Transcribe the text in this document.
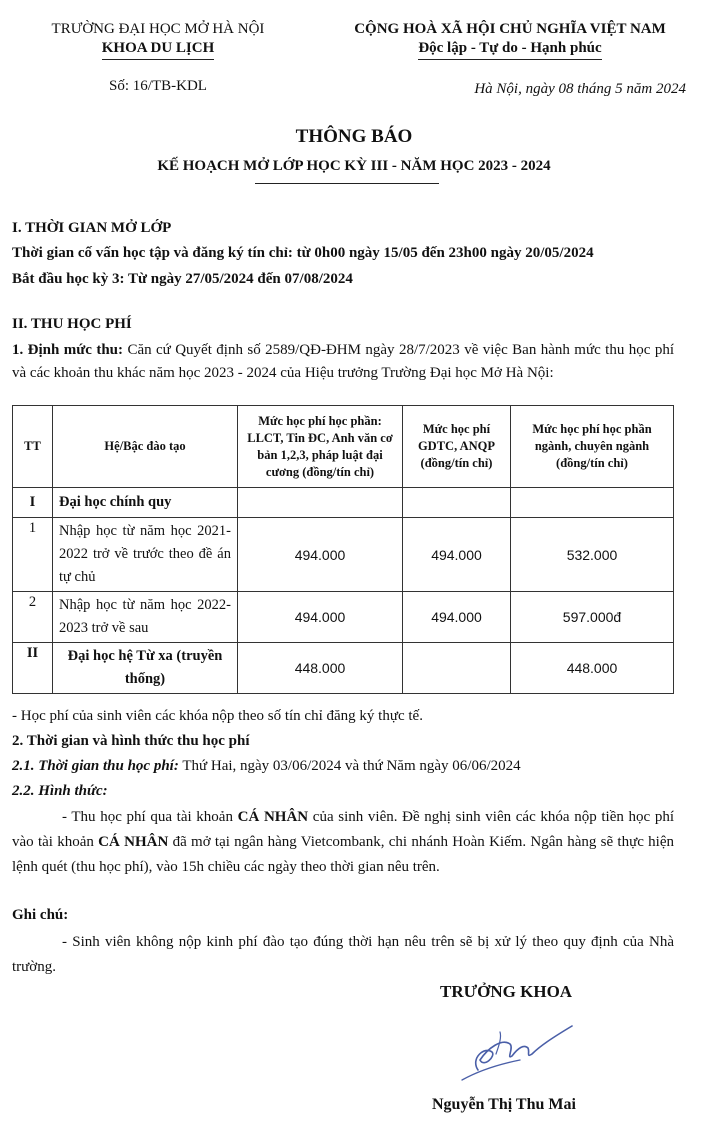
TRƯỜNG ĐẠI HỌC MỞ HÀ NỘI
KHOA DU LỊCH
CỘNG HOÀ XÃ HỘI CHỦ NGHĨA VIỆT NAM
Độc lập - Tự do - Hạnh phúc
Số: 16/TB-KDL	Hà Nội, ngày 08 tháng 5 năm 2024
THÔNG BÁO
KẾ HOẠCH MỞ LỚP HỌC KỲ III - NĂM HỌC 2023 - 2024
I. THỜI GIAN MỞ LỚP
Thời gian cố vấn học tập và đăng ký tín chỉ: từ 0h00 ngày 15/05 đến 23h00 ngày 20/05/2024
Bắt đầu học kỳ 3: Từ ngày 27/05/2024 đến 07/08/2024
II. THU HỌC PHÍ
1. Định mức thu: Căn cứ Quyết định số 2589/QĐ-ĐHM ngày 28/7/2023 về việc Ban hành mức thu học phí và các khoản thu khác năm học 2023 - 2024 của Hiệu trưởng Trường Đại học Mở Hà Nội:
TT	Hệ/Bậc đào tạo	Mức học phí học phần: LLCT, Tin ĐC, Anh văn cơ bản 1,2,3, pháp luật đại cương (đồng/tín chỉ)	Mức học phí GDTC, ANQP (đồng/tín chỉ)	Mức học phí học phần ngành, chuyên ngành (đồng/tín chỉ)
I	Đại học chính quy			
1	Nhập học từ năm học 2021-2022 trở về trước theo đề án tự chủ	494.000	494.000	532.000
2	Nhập học từ năm học 2022-2023 trở về sau	494.000	494.000	597.000đ
II	Đại học hệ Từ xa (truyền thống)	448.000		448.000
- Học phí của sinh viên các khóa nộp theo số tín chỉ đăng ký thực tế.
2. Thời gian và hình thức thu học phí
2.1. Thời gian thu học phí: Thứ Hai, ngày 03/06/2024 và thứ Năm ngày 06/06/2024
2.2. Hình thức:
- Thu học phí qua tài khoản CÁ NHÂN của sinh viên. Đề nghị sinh viên các khóa nộp tiền học phí vào tài khoản CÁ NHÂN đã mở tại ngân hàng Vietcombank, chi nhánh Hoàn Kiếm. Ngân hàng sẽ thực hiện lệnh quét (thu học phí), vào 15h chiều các ngày theo thời gian nêu trên.
Ghi chú:
- Sinh viên không nộp kinh phí đào tạo đúng thời hạn nêu trên sẽ bị xử lý theo quy định của Nhà trường.
TRƯỞNG KHOA
Nguyễn Thị Thu Mai
